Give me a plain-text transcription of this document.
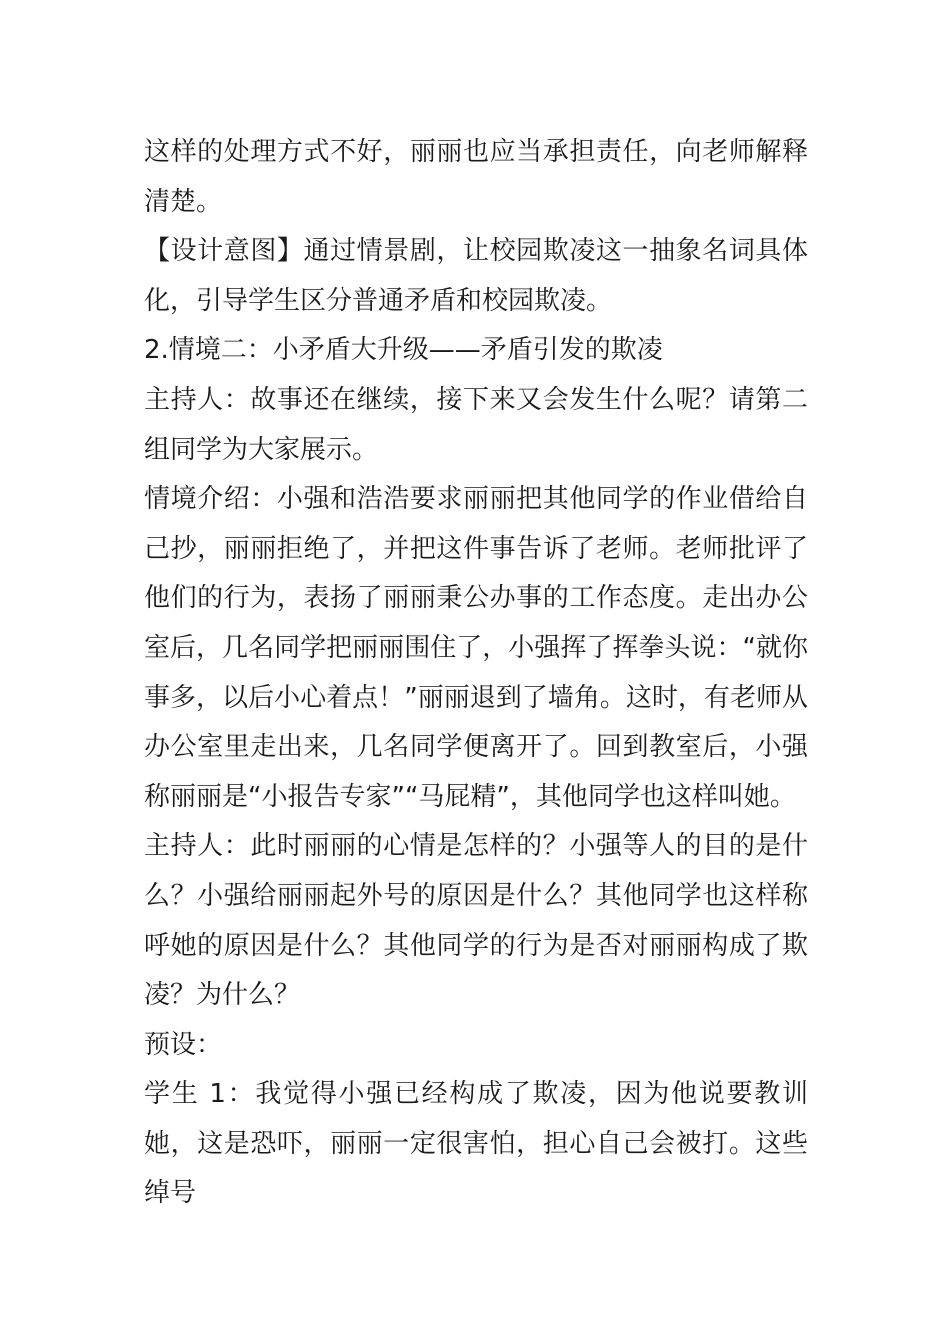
这样的处理方式不好，丽丽也应当承担责任，向老师解释清楚。

【设计意图】通过情景剧，让校园欺凌这一抽象名词具体化，引导学生区分普通矛盾和校园欺凌。

2.情境二：小矛盾大升级——矛盾引发的欺凌

主持人：故事还在继续，接下来又会发生什么呢？请第二组同学为大家展示。

情境介绍：小强和浩浩要求丽丽把其他同学的作业借给自己抄，丽丽拒绝了，并把这件事告诉了老师。老师批评了他们的行为，表扬了丽丽秉公办事的工作态度。走出办公室后，几名同学把丽丽围住了，小强挥了挥拳头说：“就你事多，以后小心着点！”丽丽退到了墙角。这时，有老师从办公室里走出来，几名同学便离开了。回到教室后，小强称丽丽是“小报告专家”“马屁精”，其他同学也这样叫她。

主持人：此时丽丽的心情是怎样的？小强等人的目的是什么？小强给丽丽起外号的原因是什么？其他同学也这样称呼她的原因是什么？其他同学的行为是否对丽丽构成了欺凌？为什么？

预设：

学生 1：我觉得小强已经构成了欺凌，因为他说要教训她，这是恐吓，丽丽一定很害怕，担心自己会被打。这些绰号
